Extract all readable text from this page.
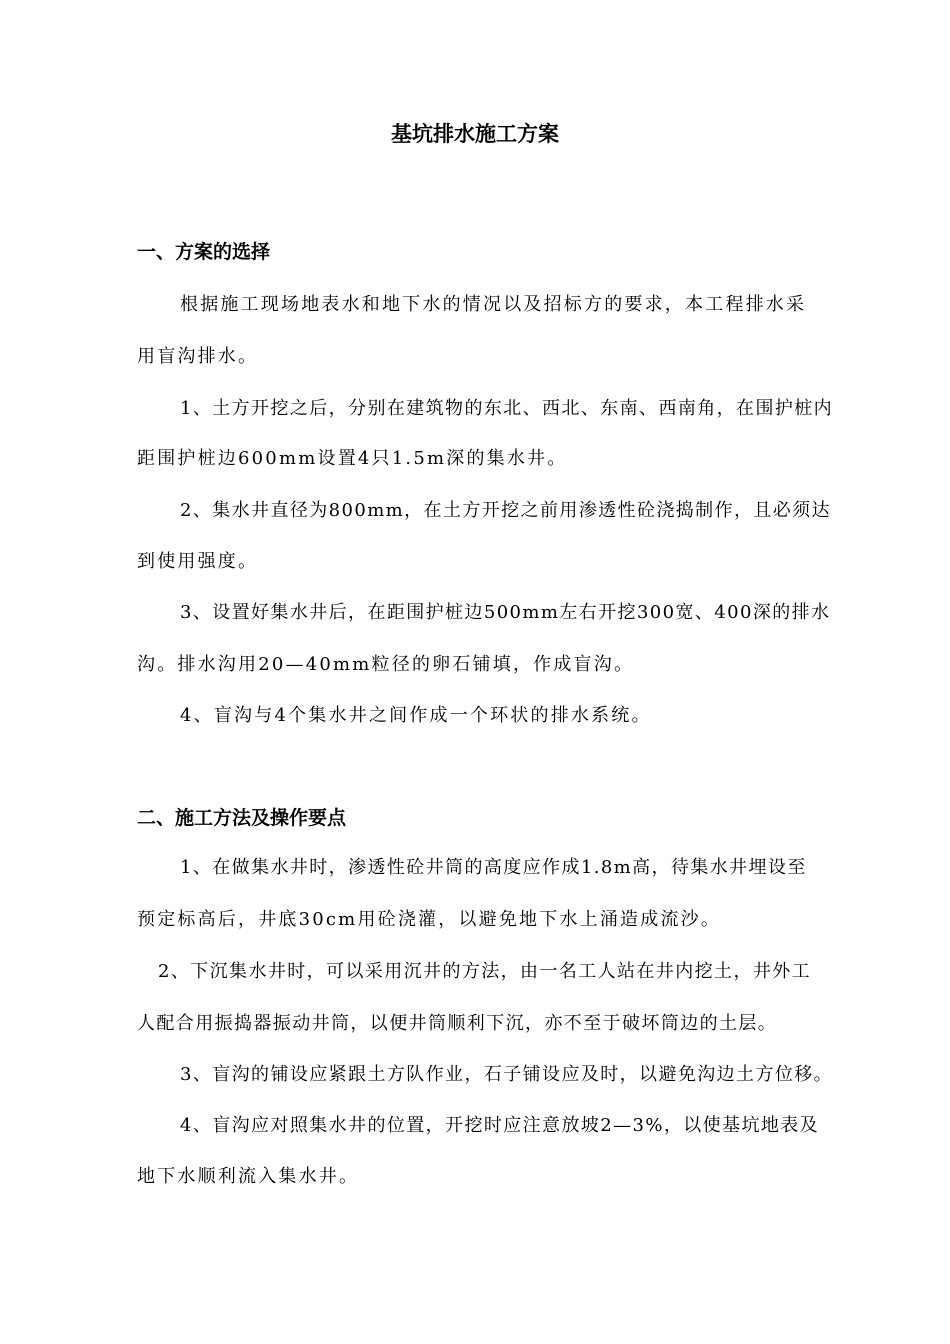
基坑排水施工方案
一、方案的选择
根据施工现场地表水和地下水的情况以及招标方的要求，本工程排水采
用盲沟排水。
1、土方开挖之后，分别在建筑物的东北、西北、东南、西南角，在围护桩内
距围护桩边600mm设置4只1.5m深的集水井。
2、集水井直径为800mm，在土方开挖之前用渗透性砼浇捣制作，且必须达
到使用强度。
3、设置好集水井后，在距围护桩边500mm左右开挖300宽、400深的排水
沟。排水沟用20—40mm粒径的卵石铺填，作成盲沟。
4、盲沟与4个集水井之间作成一个环状的排水系统。
二、施工方法及操作要点
1、在做集水井时，渗透性砼井筒的高度应作成1.8m高，待集水井埋设至
预定标高后，井底30cm用砼浇灌，以避免地下水上涌造成流沙。
2、下沉集水井时，可以采用沉井的方法，由一名工人站在井内挖土，井外工
人配合用振捣器振动井筒，以便井筒顺利下沉，亦不至于破坏筒边的土层。
3、盲沟的铺设应紧跟土方队作业，石子铺设应及时，以避免沟边土方位移。
4、盲沟应对照集水井的位置，开挖时应注意放坡2—3%，以使基坑地表及
地下水顺利流入集水井。
